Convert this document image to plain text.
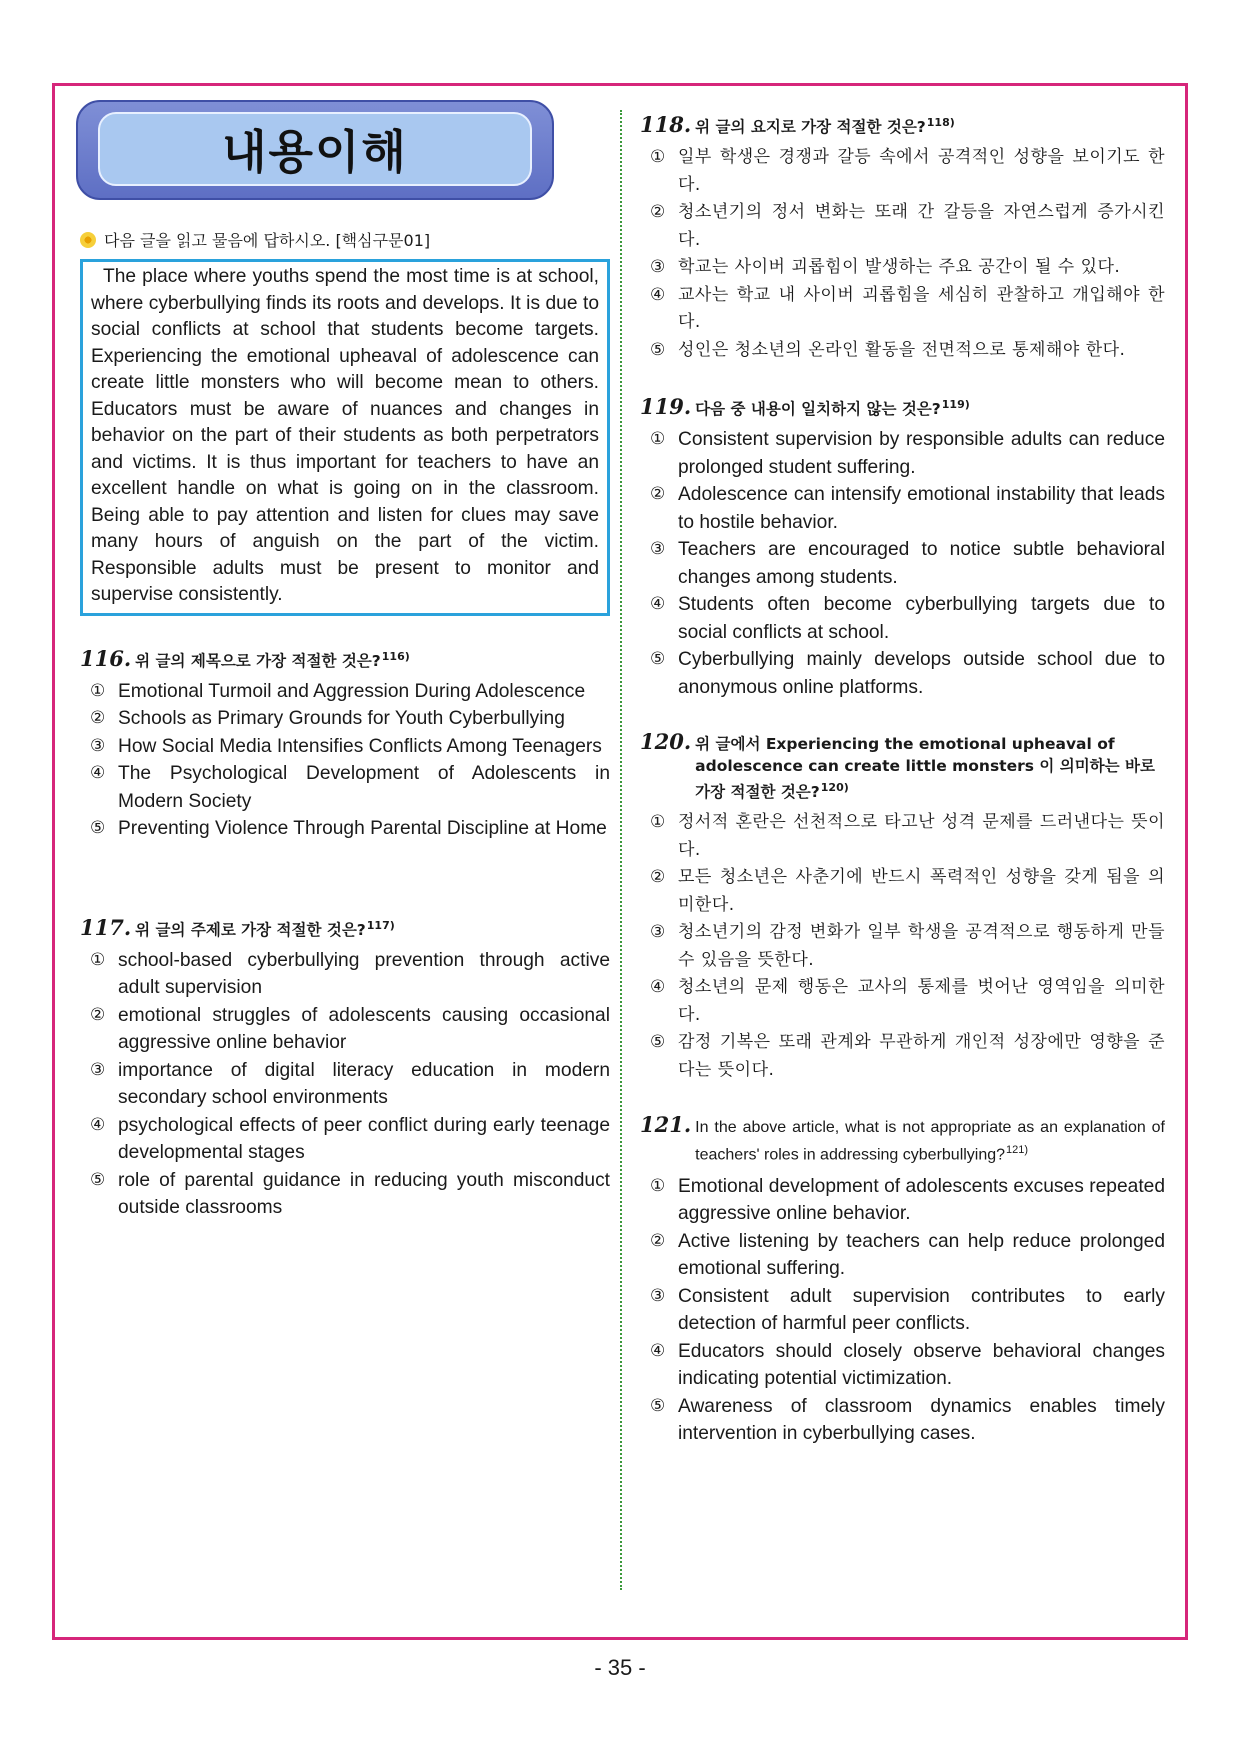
내용이해
다음 글을 읽고 물음에 답하시오. [핵심구문01]
The place where youths spend the most time is at school, where cyberbullying finds its roots and develops. It is due to social conflicts at school that students become targets. Experiencing the emotional upheaval of adolescence can create little monsters who will become mean to others. Educators must be aware of nuances and changes in behavior on the part of their students as both perpetrators and victims. It is thus important for teachers to have an excellent handle on what is going on in the classroom. Being able to pay attention and listen for clues may save many hours of anguish on the part of the victim. Responsible adults must be present to monitor and supervise consistently.
116. 위 글의 제목으로 가장 적절한 것은?$^{116)}$
① Emotional Turmoil and Aggression During Adolescence
② Schools as Primary Grounds for Youth Cyberbullying
③ How Social Media Intensifies Conflicts Among Teenagers
④ The Psychological Development of Adolescents in Modern Society
⑤ Preventing Violence Through Parental Discipline at Home
117. 위 글의 주제로 가장 적절한 것은?$^{117)}$
① school-based cyberbullying prevention through active adult supervision
② emotional struggles of adolescents causing occasional aggressive online behavior
③ importance of digital literacy education in modern secondary school environments
④ psychological effects of peer conflict during early teenage developmental stages
⑤ role of parental guidance in reducing youth misconduct outside classrooms
118. 위 글의 요지로 가장 적절한 것은?$^{118)}$
① 일부 학생은 경쟁과 갈등 속에서 공격적인 성향을 보이기도 한다.
② 청소년기의 정서 변화는 또래 간 갈등을 자연스럽게 증가시킨다.
③ 학교는 사이버 괴롭힘이 발생하는 주요 공간이 될 수 있다.
④ 교사는 학교 내 사이버 괴롭힘을 세심히 관찰하고 개입해야 한다.
⑤ 성인은 청소년의 온라인 활동을 전면적으로 통제해야 한다.
119. 다음 중 내용이 일치하지 않는 것은?$^{119)}$
① Consistent supervision by responsible adults can reduce prolonged student suffering.
② Adolescence can intensify emotional instability that leads to hostile behavior.
③ Teachers are encouraged to notice subtle behavioral changes among students.
④ Students often become cyberbullying targets due to social conflicts at school.
⑤ Cyberbullying mainly develops outside school due to anonymous online platforms.
120. 위 글에서 Experiencing the emotional upheaval of adolescence can create little monsters 이 의미하는 바로 가장 적절한 것은?$^{120)}$
① 정서적 혼란은 선천적으로 타고난 성격 문제를 드러낸다는 뜻이다.
② 모든 청소년은 사춘기에 반드시 폭력적인 성향을 갖게 됨을 의미한다.
③ 청소년기의 감정 변화가 일부 학생을 공격적으로 행동하게 만들 수 있음을 뜻한다.
④ 청소년의 문제 행동은 교사의 통제를 벗어난 영역임을 의미한다.
⑤ 감정 기복은 또래 관계와 무관하게 개인적 성장에만 영향을 준다는 뜻이다.
121. In the above article, what is not appropriate as an explanation of teachers' roles in addressing cyberbullying?$^{121)}$
① Emotional development of adolescents excuses repeated aggressive online behavior.
② Active listening by teachers can help reduce prolonged emotional suffering.
③ Consistent adult supervision contributes to early detection of harmful peer conflicts.
④ Educators should closely observe behavioral changes indicating potential victimization.
⑤ Awareness of classroom dynamics enables timely intervention in cyberbullying cases.
- 35 -
